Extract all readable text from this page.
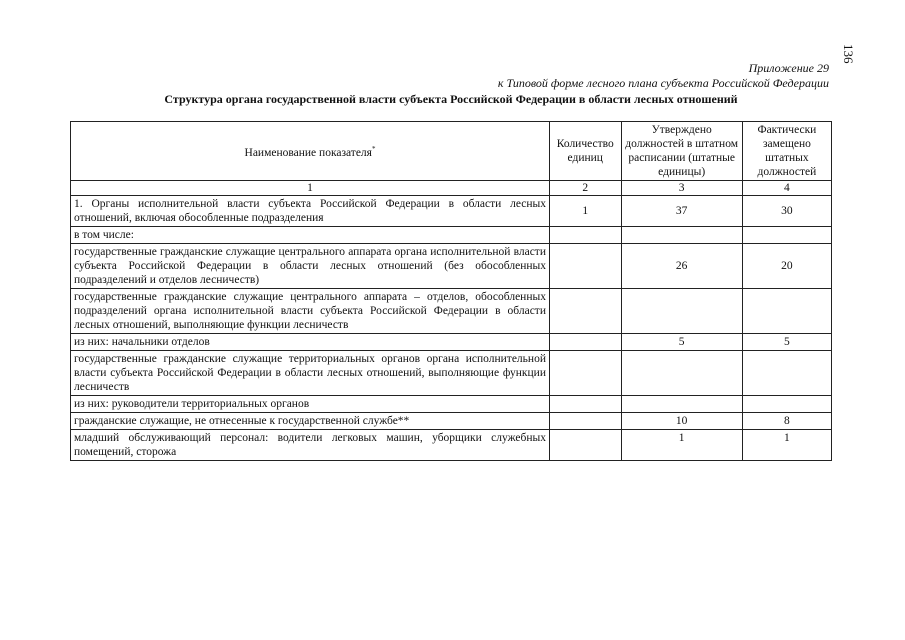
136
Приложение 29
к Типовой форме лесного плана субъекта Российской Федерации
Структура органа государственной власти субъекта Российской Федерации в области лесных отношений
Наименование показателя*	Количество единиц	Утверждено должностей в штатном расписании (штатные единицы)	Фактически замещено штатных должностей
1	2	3	4
1. Органы исполнительной власти субъекта Российской Федерации в области лесных отношений, включая обособленные подразделения	1	37	30
в том числе:			
государственные гражданские служащие центрального аппарата органа исполнительной власти субъекта Российской Федерации в области лесных отношений (без обособленных подразделений и отделов лесничеств)		26	20
государственные гражданские служащие центрального аппарата – отделов, обособленных подразделений органа исполнительной власти субъекта Российской Федерации в области лесных отношений, выполняющие функции лесничеств			
из них: начальники отделов		5	5
государственные гражданские служащие территориальных органов органа исполнительной власти субъекта Российской Федерации в области лесных отношений, выполняющие функции лесничеств			
из них: руководители территориальных органов			
гражданские служащие, не отнесенные к государственной службе**		10	8
младший обслуживающий персонал: водители легковых машин, уборщики служебных помещений, сторожа		1	1
